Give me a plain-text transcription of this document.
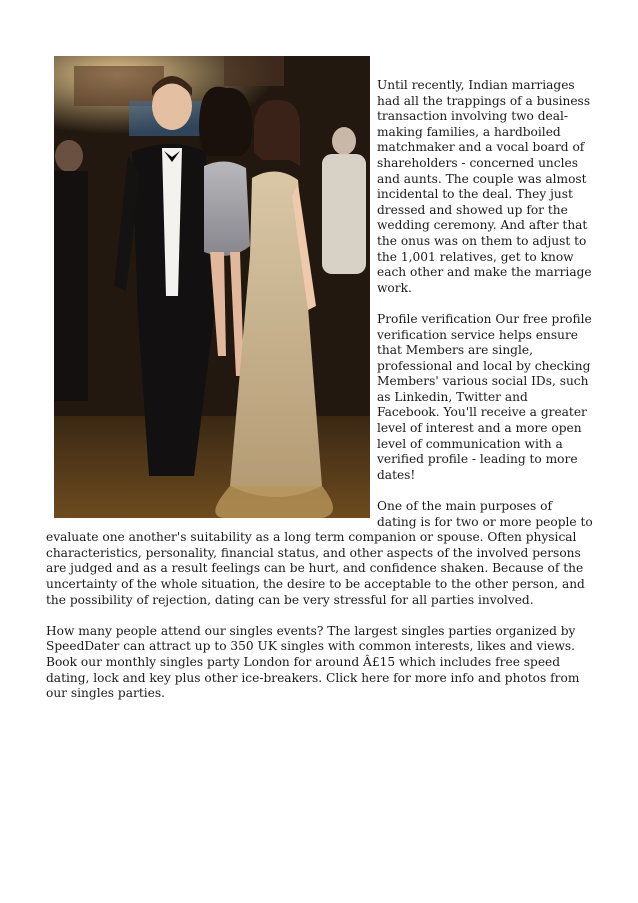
Until recently, Indian marriages had all the trappings of a business transaction involving two deal-making families, a hardboiled matchmaker and a vocal board of shareholders - concerned uncles and aunts. The couple was almost incidental to the deal. They just dressed and showed up for the wedding ceremony. And after that the onus was on them to adjust to the 1,001 relatives, get to know each other and make the marriage work.

Profile verification Our free profile verification service helps ensure that Members are single, professional and local by checking Members' various social IDs, such as Linkedin, Twitter and Facebook. You'll receive a greater level of interest and a more open level of communication with a verified profile - leading to more dates!

One of the main purposes of dating is for two or more people to evaluate one another's suitability as a long term companion or spouse. Often physical characteristics, personality, financial status, and other aspects of the involved persons are judged and as a result feelings can be hurt, and confidence shaken. Because of the uncertainty of the whole situation, the desire to be acceptable to the other person, and the possibility of rejection, dating can be very stressful for all parties involved.

How many people attend our singles events? The largest singles parties organized by SpeedDater can attract up to 350 UK singles with common interests, likes and views. Book our monthly singles party London for around Â£15 which includes free speed dating, lock and key plus other ice-breakers. Click here for more info and photos from our singles parties.
